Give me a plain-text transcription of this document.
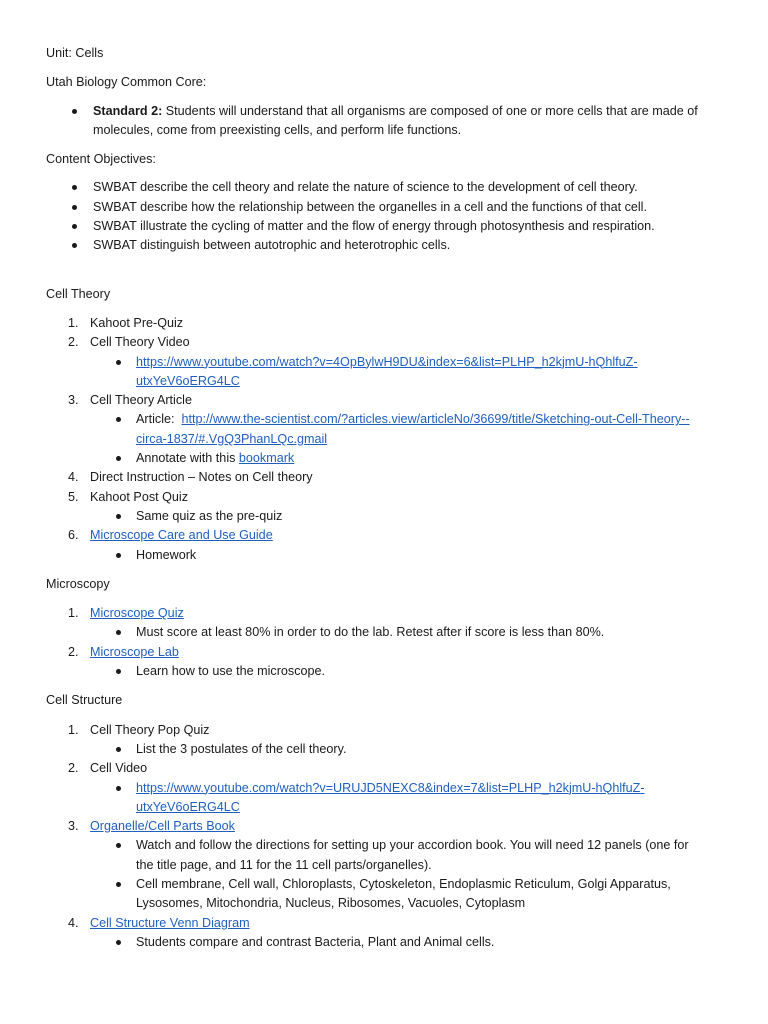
Unit: Cells

Utah Biology Common Core:

Standard 2: Students will understand that all organisms are composed of one or more cells that are made of
molecules, come from preexisting cells, and perform life functions.

Content Objectives:

SWBAT describe the cell theory and relate the nature of science to the development of cell theory.
SWBAT describe how the relationship between the organelles in a cell and the functions of that cell.
SWBAT illustrate the cycling of matter and the flow of energy through photosynthesis and respiration.
SWBAT distinguish between autotrophic and heterotrophic cells.

Cell Theory

1. Kahoot Pre-Quiz
2. Cell Theory Video
https://www.youtube.com/watch?v=4OpBylwH9DU&index=6&list=PLHP_h2kjmU-hQhlfuZ-
utxYeV6oERG4LC
3. Cell Theory Article
Article: http://www.the-scientist.com/?articles.view/articleNo/36699/title/Sketching-out-Cell-Theory--
circa-1837/#.VgQ3PhanLQc.gmail
Annotate with this bookmark
4. Direct Instruction – Notes on Cell theory
5. Kahoot Post Quiz
Same quiz as the pre-quiz
6. Microscope Care and Use Guide
Homework

Microscopy

1. Microscope Quiz
Must score at least 80% in order to do the lab. Retest after if score is less than 80%.
2. Microscope Lab
Learn how to use the microscope.

Cell Structure

1. Cell Theory Pop Quiz
List the 3 postulates of the cell theory.
2. Cell Video
https://www.youtube.com/watch?v=URUJD5NEXC8&index=7&list=PLHP_h2kjmU-hQhlfuZ-
utxYeV6oERG4LC
3. Organelle/Cell Parts Book
Watch and follow the directions for setting up your accordion book. You will need 12 panels (one for
the title page, and 11 for the 11 cell parts/organelles).
Cell membrane, Cell wall, Chloroplasts, Cytoskeleton, Endoplasmic Reticulum, Golgi Apparatus,
Lysosomes, Mitochondria, Nucleus, Ribosomes, Vacuoles, Cytoplasm
4. Cell Structure Venn Diagram
Students compare and contrast Bacteria, Plant and Animal cells.
